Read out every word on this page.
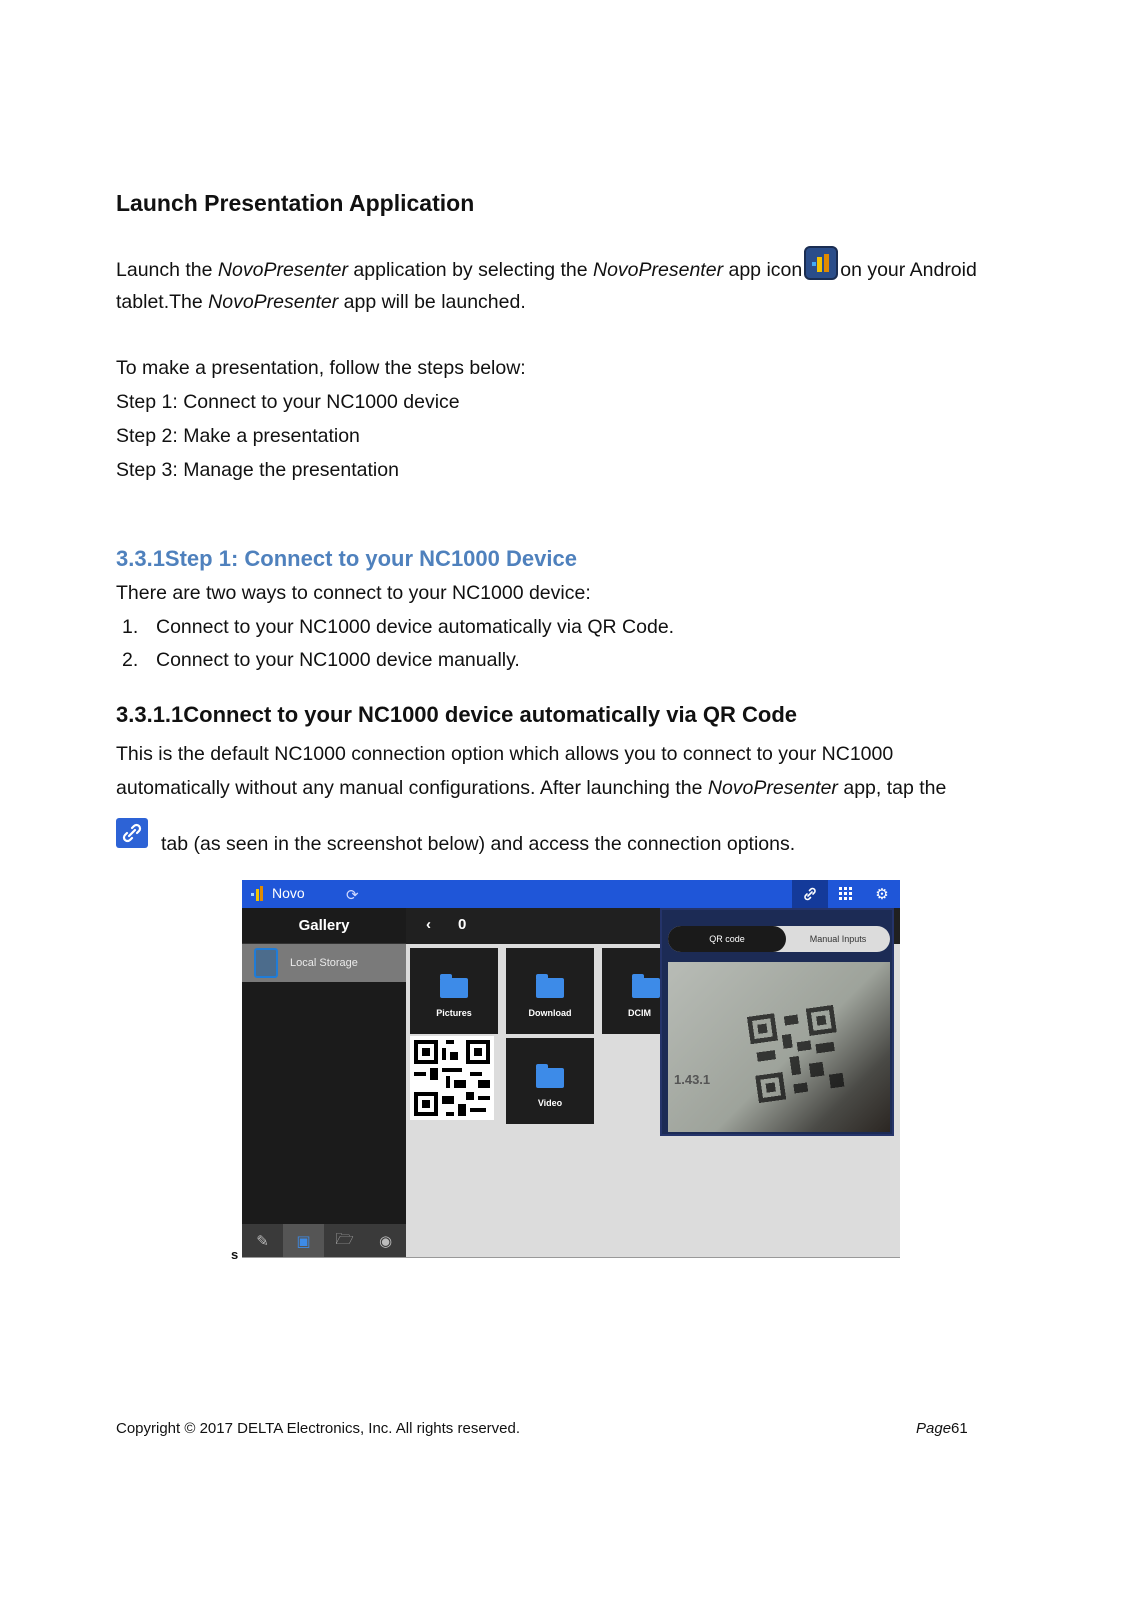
Launch Presentation Application
Launch the NovoPresenter application by selecting the NovoPresenter app icon on your Android
tablet.The NovoPresenter app will be launched.
To make a presentation, follow the steps below:
Step 1: Connect to your NC1000 device
Step 2: Make a presentation
Step 3: Manage the presentation
3.3.1Step 1: Connect to your NC1000 Device
There are two ways to connect to your NC1000 device:
1. Connect to your NC1000 device automatically via QR Code.
2. Connect to your NC1000 device manually.
3.3.1.1Connect to your NC1000 device automatically via QR Code
This is the default NC1000 connection option which allows you to connect to your NC1000
automatically without any manual configurations. After launching the NovoPresenter app, tap the
tab (as seen in the screenshot below) and access the connection options.
Novo	⟳	⚙
Gallery
Local Storage
✎	▣	🗁	◉
‹ 0
Pictures	Download	DCIM
Video
QR code	Manual Inputs
1.43.1
s
Copyright © 2017 DELTA Electronics, Inc. All rights reserved.	Page61
